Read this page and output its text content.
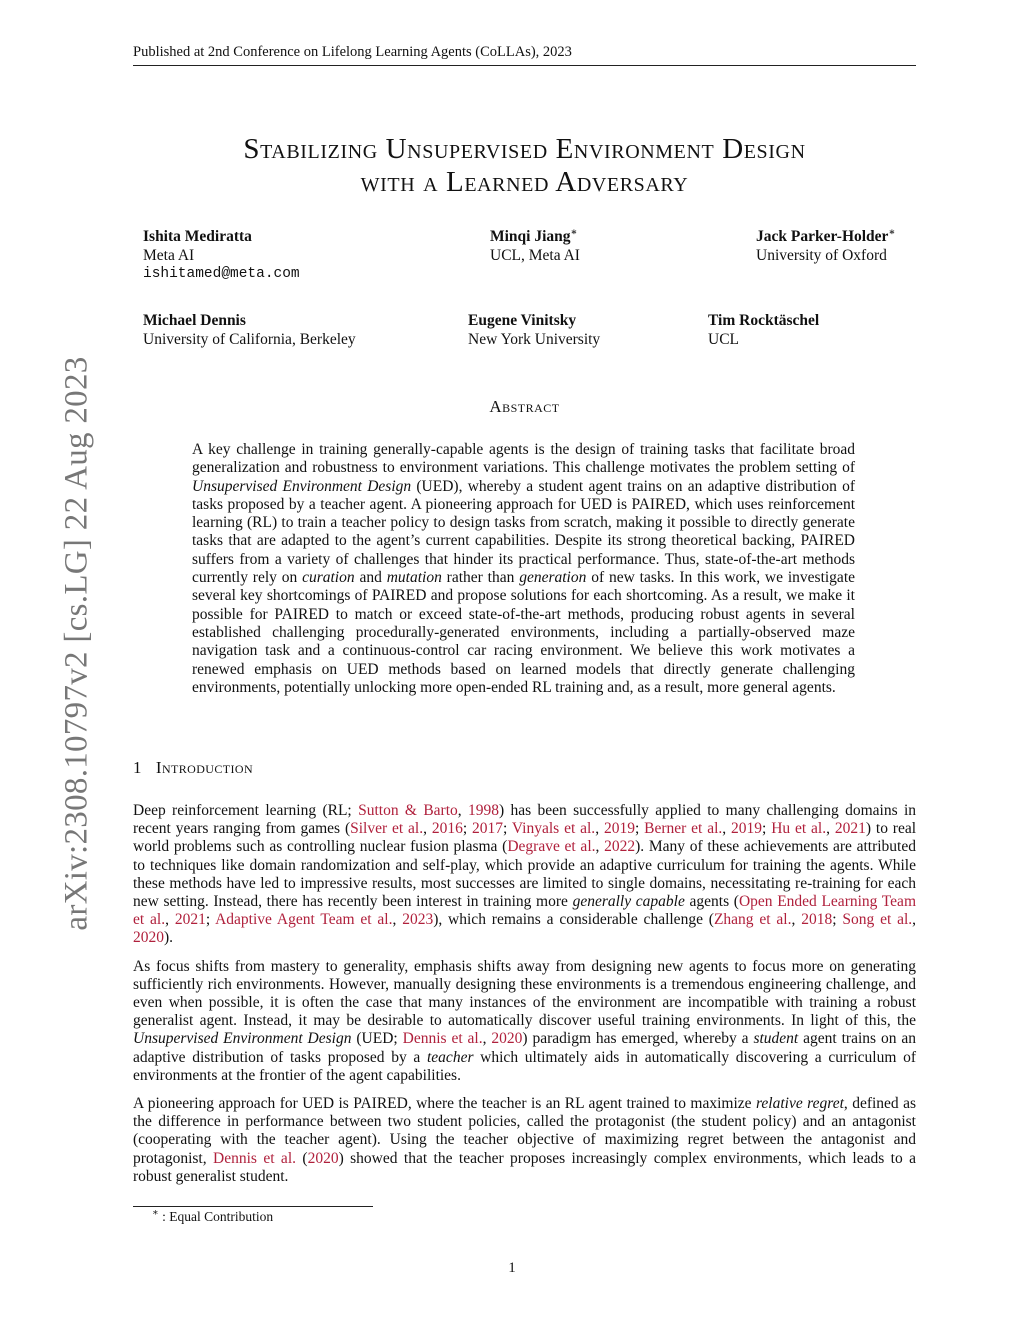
Published at 2nd Conference on Lifelong Learning Agents (CoLLAs), 2023
arXiv:2308.10797v2 [cs.LG] 22 Aug 2023
Stabilizing Unsupervised Environment Design
with a Learned Adversary
Ishita Mediratta
Meta AI
ishitamed@meta.com
Minqi Jiang∗
UCL, Meta AI
Jack Parker-Holder∗
University of Oxford
Michael Dennis
University of California, Berkeley
Eugene Vinitsky
New York University
Tim Rocktäschel
UCL
Abstract
A key challenge in training generally-capable agents is the design of training tasks that facilitate broad generalization and robustness to environment variations. This challenge motivates the problem setting of Unsupervised Environment Design (UED), whereby a student agent trains on an adaptive distribution of tasks proposed by a teacher agent. A pioneering approach for UED is PAIRED, which uses reinforcement learning (RL) to train a teacher policy to design tasks from scratch, making it possible to directly generate tasks that are adapted to the agent’s current capabilities. Despite its strong theoretical backing, PAIRED suffers from a variety of challenges that hinder its practical performance. Thus, state-of-the-art methods currently rely on curation and mutation rather than generation of new tasks. In this work, we investigate several key shortcomings of PAIRED and propose solutions for each shortcoming. As a result, we make it possible for PAIRED to match or exceed state-of-the-art methods, producing robust agents in several established challenging procedurally-generated environments, including a partially-observed maze navigation task and a continuous-control car racing environment. We believe this work motivates a renewed emphasis on UED methods based on learned models that directly generate challenging environments, potentially unlocking more open-ended RL training and, as a result, more general agents.
1 Introduction

Deep reinforcement learning (RL; Sutton & Barto, 1998) has been successfully applied to many challenging domains in recent years ranging from games (Silver et al., 2016; 2017; Vinyals et al., 2019; Berner et al., 2019; Hu et al., 2021) to real world problems such as controlling nuclear fusion plasma (Degrave et al., 2022). Many of these achievements are attributed to techniques like domain randomization and self-play, which provide an adaptive curriculum for training the agents. While these methods have led to impressive results, most successes are limited to single domains, necessitating re-training for each new setting. Instead, there has recently been interest in training more generally capable agents (Open Ended Learning Team et al., 2021; Adaptive Agent Team et al., 2023), which remains a considerable challenge (Zhang et al., 2018; Song et al., 2020).

As focus shifts from mastery to generality, emphasis shifts away from designing new agents to focus more on generating sufficiently rich environments. However, manually designing these environments is a tremendous engineering challenge, and even when possible, it is often the case that many instances of the environment are incompatible with training a robust generalist agent. Instead, it may be desirable to automatically discover useful training environments. In light of this, the Unsupervised Environment Design (UED; Dennis et al., 2020) paradigm has emerged, whereby a student agent trains on an adaptive distribution of tasks proposed by a teacher which ultimately aids in automatically discovering a curriculum of environments at the frontier of the agent capabilities.

A pioneering approach for UED is PAIRED, where the teacher is an RL agent trained to maximize relative regret, defined as the difference in performance between two student policies, called the protagonist (the student policy) and an antagonist (cooperating with the teacher agent). Using the teacher objective of maximizing regret between the antagonist and protagonist, Dennis et al. (2020) showed that the teacher proposes increasingly complex environments, which leads to a robust generalist student.

∗ : Equal Contribution
1
